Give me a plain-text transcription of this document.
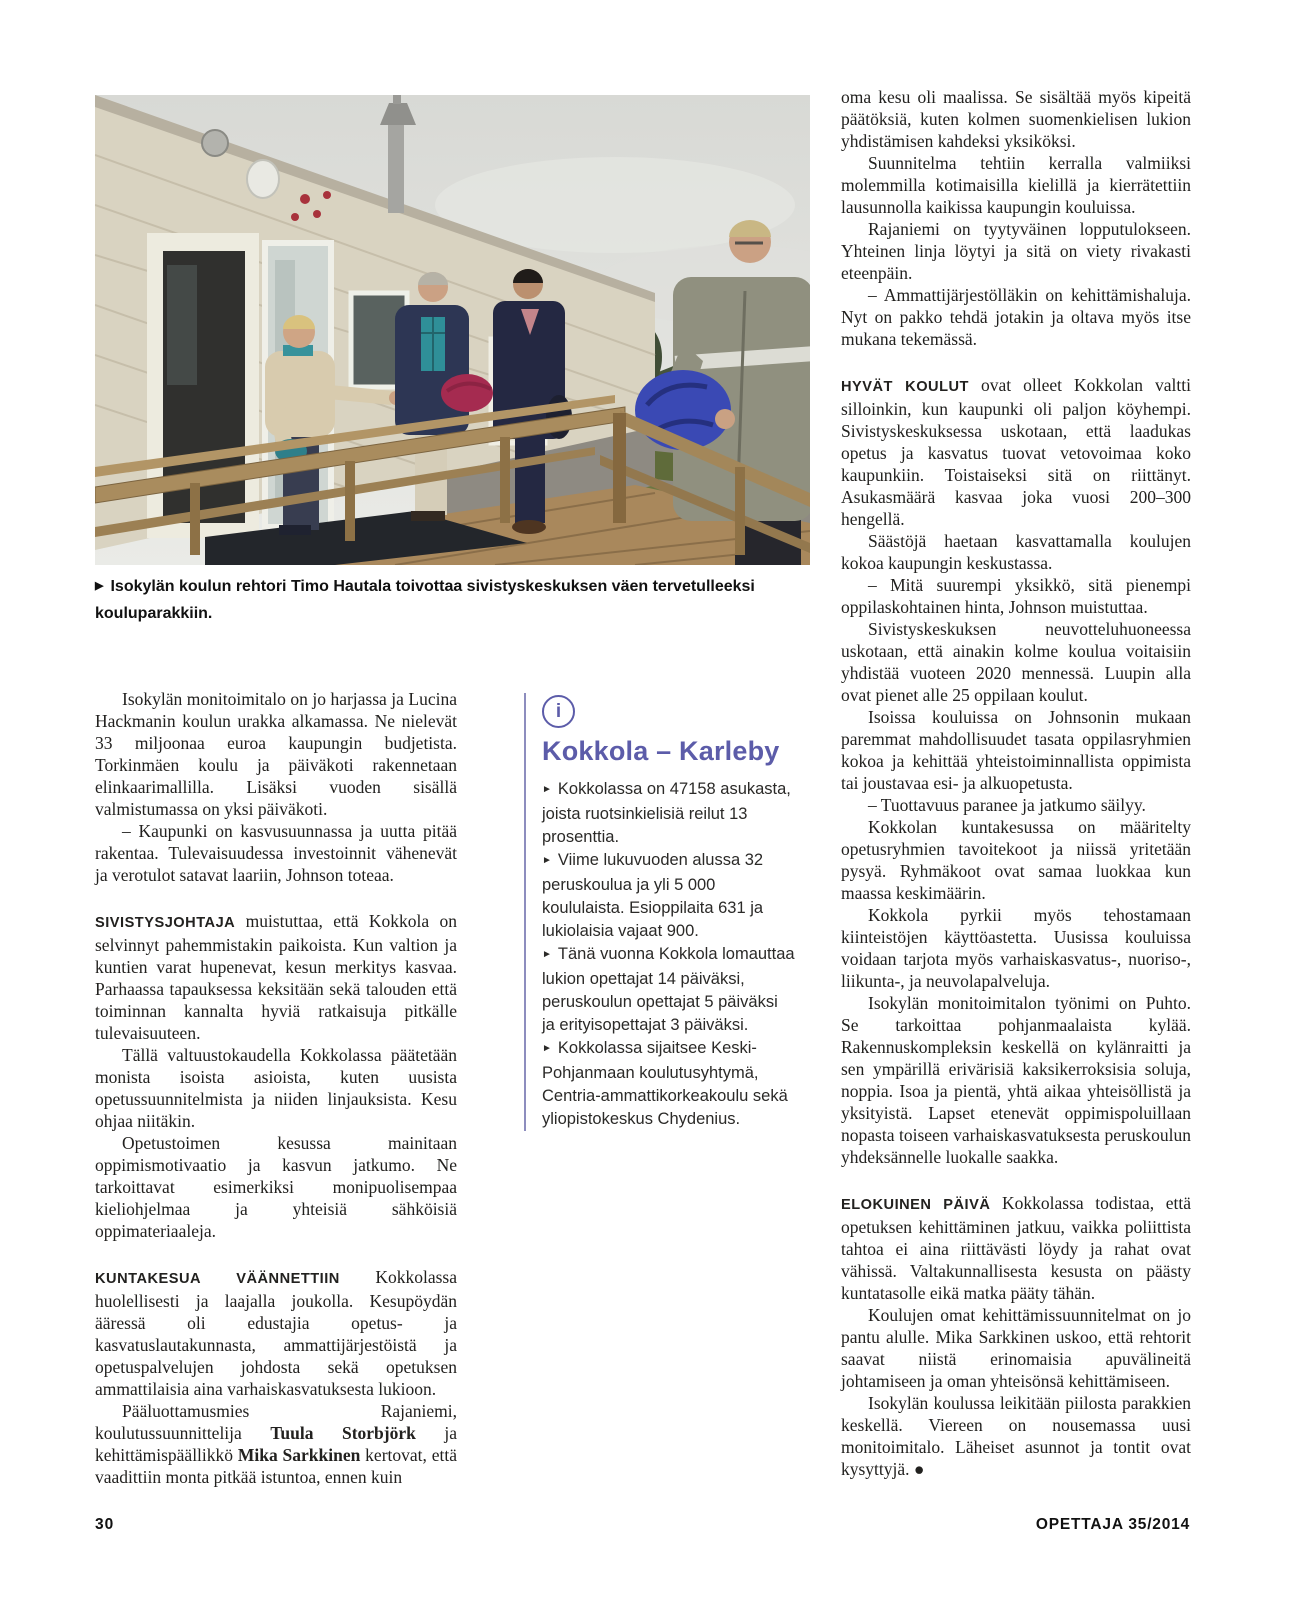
▶ Isokylän koulun rehtori Timo Hautala toivottaa sivistyskeskuksen väen tervetulleeksi kouluparakkiin.

Isokylän monitoimitalo on jo harjassa ja Lucina Hackmanin koulun urakka alkamassa. Ne nielevät 33 miljoonaa euroa kaupungin budjetista. Torkinmäen koulu ja päiväkoti rakennetaan elinkaarimallilla. Lisäksi vuoden sisällä valmistumassa on yksi päiväkoti.

– Kaupunki on kasvusuunnassa ja uutta pitää rakentaa. Tulevaisuudessa investoinnit vähenevät ja verotulot satavat laariin, Johnson toteaa.

SIVISTYSJOHTAJA muistuttaa, että Kokkola on selvinnyt pahemmistakin paikoista. Kun valtion ja kuntien varat hupenevat, kesun merkitys kasvaa. Parhaassa tapauksessa keksitään sekä talouden että toiminnan kannalta hyviä ratkaisuja pitkälle tulevaisuuteen.

Tällä valtuustokaudella Kokkolassa päätetään monista isoista asioista, kuten uusista opetussuunnitelmista ja niiden linjauksista. Kesu ohjaa niitäkin.

Opetustoimen kesussa mainitaan oppimismotivaatio ja kasvun jatkumo. Ne tarkoittavat esimerkiksi monipuolisempaa kieliohjelmaa ja yhteisiä sähköisiä oppimateriaaleja.

KUNTAKESUA VÄÄNNETTIIN Kokkolassa huolellisesti ja laajalla joukolla. Kesupöydän ääressä oli edustajia opetus- ja kasvatuslautakunnasta, ammattijärjestöistä ja opetuspalvelujen johdosta sekä opetuksen ammattilaisia aina varhaiskasvatuksesta lukioon.

Pääluottamusmies Rajaniemi, koulutussuunnittelija Tuula Storbjörk ja kehittämispäällikkö Mika Sarkkinen kertovat, että vaadittiin monta pitkää istuntoa, ennen kuin

i
Kokkola – Karleby
► Kokkolassa on 47158 asukasta, joista ruotsinkielisiä reilut 13 prosenttia.
► Viime lukuvuoden alussa 32 peruskoulua ja yli 5 000 koululaista. Esioppilaita 631 ja lukiolaisia vajaat 900.
► Tänä vuonna Kokkola lomauttaa lukion opettajat 14 päiväksi, peruskoulun opettajat 5 päiväksi ja erityisopettajat 3 päiväksi.
► Kokkolassa sijaitsee Keski-Pohjanmaan koulutusyhtymä, Centria-ammattikorkeakoulu sekä yliopistokeskus Chydenius.

oma kesu oli maalissa. Se sisältää myös kipeitä päätöksiä, kuten kolmen suomenkielisen lukion yhdistämisen kahdeksi yksiköksi.

Suunnitelma tehtiin kerralla valmiiksi molemmilla kotimaisilla kielillä ja kierrätettiin lausunnolla kaikissa kaupungin kouluissa.

Rajaniemi on tyytyväinen lopputulokseen. Yhteinen linja löytyi ja sitä on viety rivakasti eteenpäin.

– Ammattijärjestölläkin on kehittämishaluja. Nyt on pakko tehdä jotakin ja oltava myös itse mukana tekemässä.

HYVÄT KOULUT ovat olleet Kokkolan valtti silloinkin, kun kaupunki oli paljon köyhempi. Sivistyskeskuksessa uskotaan, että laadukas opetus ja kasvatus tuovat vetovoimaa koko kaupunkiin. Toistaiseksi sitä on riittänyt. Asukasmäärä kasvaa joka vuosi 200–300 hengellä.

Säästöjä haetaan kasvattamalla koulujen kokoa kaupungin keskustassa.

– Mitä suurempi yksikkö, sitä pienempi oppilaskohtainen hinta, Johnson muistuttaa.

Sivistyskeskuksen neuvotteluhuoneessa uskotaan, että ainakin kolme koulua voitaisiin yhdistää vuoteen 2020 mennessä. Luupin alla ovat pienet alle 25 oppilaan koulut.

Isoissa kouluissa on Johnsonin mukaan paremmat mahdollisuudet tasata oppilasryhmien kokoa ja kehittää yhteistoiminnallista oppimista tai joustavaa esi- ja alkuopetusta.

– Tuottavuus paranee ja jatkumo säilyy.

Kokkolan kuntakesussa on määritelty opetusryhmien tavoitekoot ja niissä yritetään pysyä. Ryhmäkoot ovat samaa luokkaa kun maassa keskimäärin.

Kokkola pyrkii myös tehostamaan kiinteistöjen käyttöastetta. Uusissa kouluissa voidaan tarjota myös varhaiskasvatus-, nuoriso-, liikunta-, ja neuvolapalveluja.

Isokylän monitoimitalon työnimi on Puhto. Se tarkoittaa pohjanmaalaista kylää. Rakennuskompleksin keskellä on kylänraitti ja sen ympärillä erivärisiä kaksikerroksisia soluja, noppia. Isoa ja pientä, yhtä aikaa yhteisöllistä ja yksityistä. Lapset etenevät oppimispoluillaan nopasta toiseen varhaiskasvatuksesta peruskoulun yhdeksännelle luokalle saakka.

ELOKUINEN PÄIVÄ Kokkolassa todistaa, että opetuksen kehittäminen jatkuu, vaikka poliittista tahtoa ei aina riittävästi löydy ja rahat ovat vähissä. Valtakunnallisesta kesusta on päästy kuntatasolle eikä matka pääty tähän.

Koulujen omat kehittämissuunnitelmat on jo pantu alulle. Mika Sarkkinen uskoo, että rehtorit saavat niistä erinomaisia apuvälineitä johtamiseen ja oman yhteisönsä kehittämiseen.

Isokylän koulussa leikitään piilosta parakkien keskellä. Viereen on nousemassa uusi monitoimitalo. Läheiset asunnot ja tontit ovat kysyttyjä. ●

30	OPETTAJA 35/2014
